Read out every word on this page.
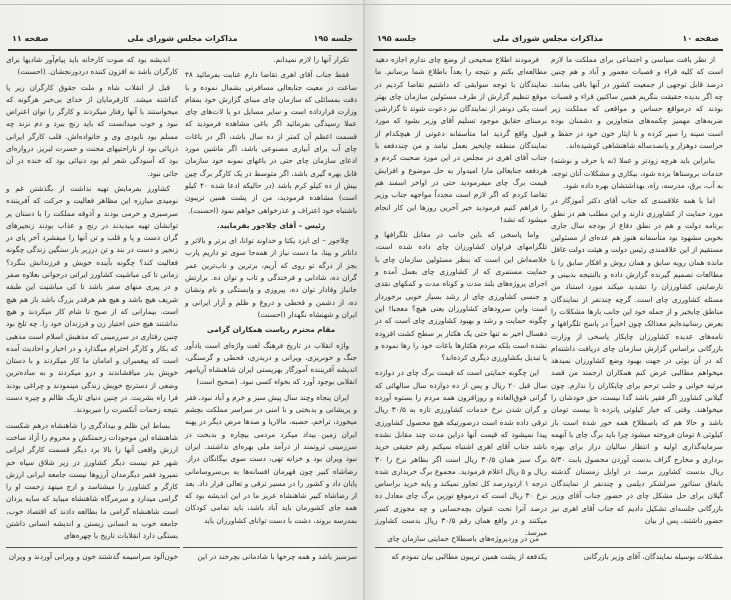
جلسه ۱۹۵
مذاکرات مجلس شورای ملی
صفحه ۱۱

تکرار آنها را لازم نمیدانم.

فقط جناب آقای اهری تقاضا دارم عنایت بفرمائید ۴۸ ساعت در معیت جنابعالی مسافرتی بشمال نموده و با دقت بمسائلی که سازمان چای مبنای گزارش خود بمقام وزارت قرارداده است و سایر مسایل دو یا لات‌های چای عملا رسیدگی بفرمائید اگر باغی مشاهده فرمودید که قسمت اعظم آن کمتر از ده سال باشد، اگر در باغات چای آب برای آبیاری مصنوعی باشد، اگر ماشین مورد ادعای سازمان چای حتی در باغهای نمونه خود سازمان قابل بهره گیری باشد، اگر متوسط در یک کارگر برگ چین بیش از ده کیلو کرم باشد (در حالیکه ادعا شده ۴۰ کیلو است) مشاهده فرمودید، من از پشت همین تریبون باشتباه خود اعتراف و عذرخواهی خواهم نمود (احسنت).

رئیس – آقای چلاجور بفرمایید.

چلاجور – ای ایزد یکتا و خداوند توانا، ای برتر و بالاتر و داناتر و بینا، ما دست نیاز از همه‌جا سوی تو داریم یارب بجز از درگه تو روی که آریم، برترین و ناب‌ترین عمر گران ده، شادابی و فرخندگی و تاب و توان ده. برارتش جانباز وفادار توان ده، پیروزی و وابستگی و نام ونشان ده، از دشمن و قحطی و دروغ و ظلم و آزار ایرانی و ایران و شهنشاه نگهدار (احسنت)

مقام محترم ریاست همکاران گرامی

واژه انقلاب در تاریخ فرهنگ لغت واژه‌ای است یادآور جنگ و خونریزی، ویرانی و دربدری، قحطی و گرسنگی، اندیشه آفریننده آموزگار بهزیستی ایران شاهنشاه آریامهر انقلابی بوجود آورد که بخواه کسی نبود. (صحیح است)

ایران پنجاه وچند سال پیش سبز و خرم و آباد نبود، فقر و پریشانی و بدبختی و نا امنی در سراسر مملکت بچشم میخورد، تراخم، حصبه، مالاریا و صدها مرض دیگر در پهنه ایران زمین بیداد میکرد مردمی بیچاره و بدبخت در سرزمینی ثروتمند از درآمد ملی بهره‌ای نداشتند. ایران نبود ویران بود و خزانه تهی، دست سوی بیگانگان دراز. رضاشاه کبیر چون قهرمان افسانه‌ها به بی‌سروسامانی پایان داد و کشور را در مسیر ترقی و تعالی قرار داد. بعد از رضاشاه کبیر شاهنشاه عزیز ما در این اندیشه بود که همه جای کشورمان باید آباد باشد، باید تمامی کودکان بمدرسه بروند، دشت با دست توانای کشاورزان باید

سرسبز باشد و همه چرخها با شادمانی بچرخند در این

اندیشه بود که صوت کارخانه باید پیام‌آور شادیها برای کارگران باشد نه افزون کننده دردورنجشان. (احسنت)

قبل از انقلاب شاه و ملت حقوق کارگران زیر پا گذاشته میشد. کارفرمایان از خدای بی‌خبر هرگونه که میخواستند با آنها رفتار میکردند و کارگر را توان اعتراض نبود و خوب میدانست که باید رنج ببرد و دم نزند چه مسلم بود نابودی وی و خانواده‌اش. قلب کارگر ایرانی دریائی بود از ناراحتیهای محنت و حسرت لبریز. دروازه‌ای بود که آسودگی شعر لم بود دنیائی بود که خنده در آن جائی نبود.

کشاورز بفرمایش تهیه نداشت از بگذشتن غم و نومیدی مبارزه این مظاهر فعالیت و حرکت که آفریننده سرسبزی و خرمی بودند و آذوقه مملکت را با دستان پر توانشان تهیه میدیدند در رنج و عذاب بودند زنجیرهای گران دست و پا و قلب و تن آنها را میفشرد آخر پای در زنجیر و دست در بند و تن درزیر بار سنگین زندگی چگونه فعالیت کند؟ چگونه بآینده خویش و فرزندانش بنگرد؟ زمانی تا کی مباشیت کشاورز ایرانی درجوانی بعلاوه صفر و در پیری منهای صفر باشد تا کی مباشیت این طبقه شریف هیچ باشد و هیچ هم هرقدر بزرگ باشد باز هم هیچ است. بیمارانی که از صبح تا شام کار میکردند و هیچ نداشتند هیچ حتی اختیار زن و فرزندان خود را. چه تلخ بود چنین رفتاری در سرزمینی که مذهبش اسلام است مذهبی که بکار و کارگر احترام میگذارد و در اخبار و احادیث آمده است که پیغمبران و امامان ما کار میکردند و با دستان خویش بذر میافشاندند و درو میکردند و به ساده‌ترین وضعی از دسترنج خویش زندگی مینمودند و چراغی بودند فرا راه بشریت. در چنین دنیای تاریک ظالم و چیره دست نتیجه زحمات آنکسرت را میربودند.

بساط این ظلم و بیدادگری را شاهنشاه درهم شکست شاهنشاه این موجودات زحمتکش و محروم را آزاد ساخت ارزش واقعی آنها را بالا برد دیگر قسمت کارگر ایرانی شهر غم نیست دیگر کشاورز در زیر شلاق سیاه خم نمیرود فقیر دیگرمدان آرزوها نیست جامعه ایرانی ارزش کارگر و کشاورز را میشناسد و ارج مینهد زحمت او را گرامی میدارد و سرمرگاه شاهنشاه میباید که سایه یزدان است شاهنشاه گرامی ما بطالعه دادند که اقتصاد خوب، جامعه خوب به انسانی زیستن و اندیشه انسانی داشتن بستگی دارد انقلابات تاریخ با چهره‌های

خون‌آلود سراسیمه گذشتند خون و ویرانی آوردند و ویران
جلسه ۱۹۵	مذاکرات مجلس شورای ملی	صفحه ۱۰

از نظر بافت سیاسی و اجتماعی برای مملکت ما لازم است که کلیه قراء و قصبات معمور و آباد و هم چنین درصد قابل توجهی از جمعیت کشور در آنها باقی بمانند. چه اگر بدیده حقیقت بنگریم همین ساکنین قراء و قصبات بودند که درمواقع حساس و مواقعی که مملکت زیر ضربه‌های مهمیز چکمه‌های متجاوزین و دشمنان بوده است سینه را سپر کرده و با ایثار خون خود در حفظ و حراست دوهزار و پانصدساله شاهنشاهی کوشیده‌اند.

بنابراین باید هرچه زودتر و عملا (نه با حرف و نوشته) خدمات بروستاها برده شود، بیکاری و مشکلات آنان توجه، به آب، برق، مدرسه، راه، بهداشتشان بهره داده شود.

اما با همه علاقمندی که جناب آقای دکتر آموزگار در مورد حمایت از کشاورزی دارند و این مطلب هم در نطق برنامه دولت و هم در نطق دفاع از بودجه سال جاری بخوبی مشهود بود متأسفانه هنوز هم عده‌ای از مسئولین مستقیم از این علاقمندی رئیس دولت و هیئت دولت غافل مانده همان رویه سابق و همان روش و افکار سابق را با مطالعات تصمیم گیرنده گزارش داده و بالنتیجه بدبینی و نارضایتی کشاورزان را تشدید میکند مورد استناد من مسئله کشاورزی چای است. گرچه چندنفر از نمایندگان مناطق چایخیز و از جمله خود این جانب بارها مشکلات را بعرض رسانیده‌ایم معذالک چون اخیراً در پاسخ تلگرافها و نامه‌های عدیده کشاورزان چایکار پاسخی از وزارت بازرگانی براساس گزارش سازمان چای دریافت داشته‌ام که در آن بوئی در جهت بهبود وضع کشاورزان نمیدهد میخواهم مطالبی عرض کنم همکاران ارجمند من قصد مرثیه خوانی و جلب ترحم برای چایکاران را ندارم. چون گیلانی کشاورز اگر فقیر باشد گدا نیست، حق خودشان را میخواهند. وقتی که خیار کیلوئی پانزده تا بیست تومان باشد و حالا هم که باصطلاح همه خور شده است باز کیلوئی ۸ تومان فروخته میشود چرا باید برگ چای با آنهمه سرمایه‌گذاری اولیه و انتظار سالیان دراز برای بهره برداری و مخارج گزاف بدست آوردن محصول بابت ۵/۳۰ ریال بدست کشاورز برسد. در اوایل زمستان گذشته باتفاق سناتور سرلشکر دیلمی و چندنفر از نمایندگان گیلان برای حل مشکل چای در حضور جناب آقای وزیر بازرگانی جلسه‌ای تشکیل دادیم که جناب آقای اهری نیز حضور داشتند، پس از بیان

مشکلات بوسیله نمایندگان، آقای وزیر بازرگانی

فرمودند اطلاع صحیحی از وضع چای ندارم اجازه دهید مطالعه‌ای بکنم و نتیجه را بعداً باطلاع شما برسانم. ما نمایندگان با توجه سوابقی که داشتیم تقاضا کردیم در موقع تنظیم گزارش از طرف مسئولین سازمان چای بهتر است یکی دونفر از نمایندگان نیز دعوت شوند تا گزارشی برمبنای حقایق موجود تسلیم آقای وزیر بشود که مورد قبول واقع گردید اما متأسفانه دعوتی از هیچکدام از نمایندگان منطقه چایخیز بعمل نیامد و من چنددفعه با جناب آقای اهری در مجلس در این مورد صحبت کردم و هردفعه جنابعالی مارا امیدوار به حل موضوع و افزایش قیمت برگ چای میفرمودید حتی در اواخر اسفند هم تقاضا کردم که اگر لازم است مجدداً مواجهه جناب وزیر را فراهم کنیم فرمودید خیر آخرین روزها این کار انجام میشود که نشد!

واما پاسخی که باین جانب در مقابل تلگرافها و تلگرامهای فراوان کشاورزان چای داده شده است، خلاصه‌اش این است که بنظر مسئولین سازمان چای با حمایت مستمری که از کشاورزی چای بعمل آمده و اجرای پروژه‌های بلند مدت و کوتاه مدت و کمکهای نقدی و جنسی کشاورزی چای از رشد بسیار خوبی برخوردار است واین سرودهای کشاورزان یعنی هیچ؟ معجبا! این چگونه حمایت و رشد و بهبود کشاورزی چای است که در دهسال اخیر نه تنها حتی یک هکتار بر سطح کشت افزوده نشده است بلکه مردم هکتارها باغات خود را رها نموده و یا تبدیل بکشاورزی دیگری کرده‌اند؟

این چگونه حمایتی است که قیمت برگ چای در دوازده سال قبل ۲۰ ریال و پس از ده دوازده سال سالهائی که گرانی فوق‌العاده و روزافزون همه مردم را بستوه آورده و گران شدن نرخ خدمات کشاورزی تازه به ۳۰/۵ ریال ترقی داده شده است درصورتیکه هیچ محصول کشاورزی پیدا نمیشود که قیمت آنها دراین مدت چند مقابل نشده باشد جناب آقای اهری اشتباه نمیکنم رقم حقیقی خرید برگ سبز همان ۳۰/۵ ریال است اگر بظاهر نرخ را ۳۰ ریال و ۵ ریال اعلام فرمودید. مجموع برگ خریداری شده درجه ۱ ازدودرصد کل تجاوز نمیکند و پایه خرید براساس نرخ ۳۰ ریال است که درموقع توزین برگ چای معادل ده درصد آنرا تحت عنوان بچه‌حسابی و چه مجوزی کسر میکنند و در واقع همان رقم ۳۰/۵ ریال بدست کشاورز میرسد.

من در وردپروژه‌های باصطلاح حمایتی سازمان چای
یکدفعه از پشت همین تریبون مطالبی بیان نمودم که
